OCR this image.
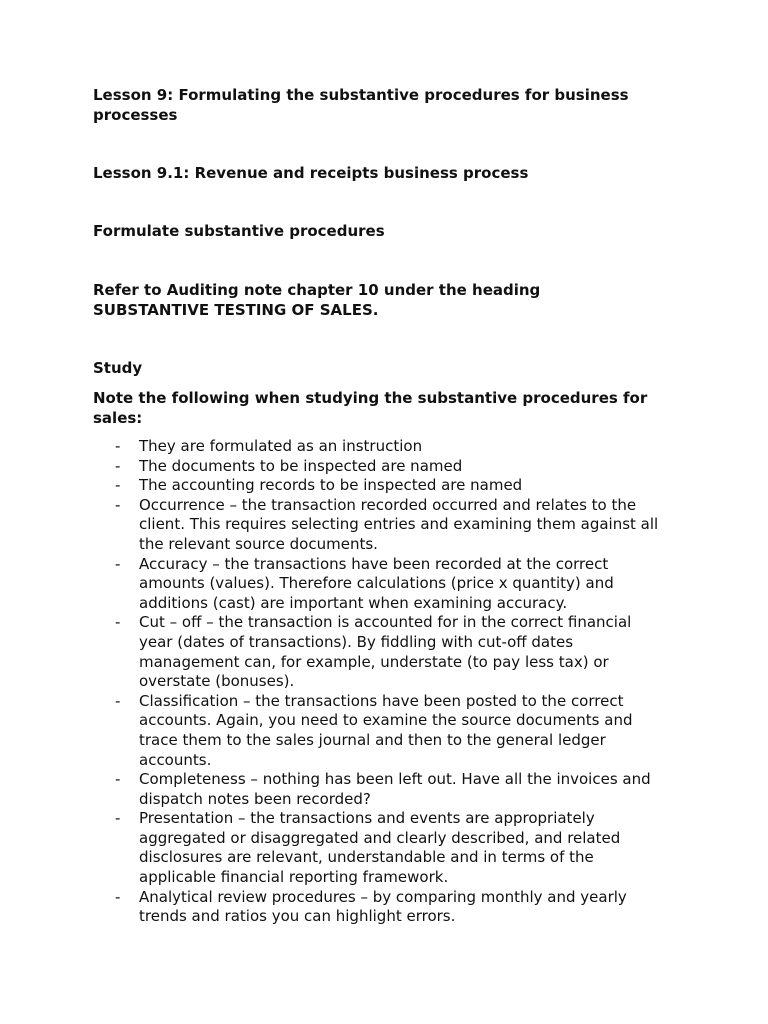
Lesson 9: Formulating the substantive procedures for business processes

Lesson 9.1: Revenue and receipts business process

Formulate substantive procedures

Refer to Auditing note chapter 10 under the heading
SUBSTANTIVE TESTING OF SALES.

Study

Note the following when studying the substantive procedures for sales:

- They are formulated as an instruction
- The documents to be inspected are named
- The accounting records to be inspected are named
- Occurrence – the transaction recorded occurred and relates to the client. This requires selecting entries and examining them against all the relevant source documents.
- Accuracy – the transactions have been recorded at the correct amounts (values). Therefore calculations (price x quantity) and additions (cast) are important when examining accuracy.
- Cut – off – the transaction is accounted for in the correct financial year (dates of transactions). By fiddling with cut-off dates management can, for example, understate (to pay less tax) or overstate (bonuses).
- Classification – the transactions have been posted to the correct accounts. Again, you need to examine the source documents and trace them to the sales journal and then to the general ledger accounts.
- Completeness – nothing has been left out. Have all the invoices and dispatch notes been recorded?
- Presentation – the transactions and events are appropriately aggregated or disaggregated and clearly described, and related disclosures are relevant, understandable and in terms of the applicable financial reporting framework.
- Analytical review procedures – by comparing monthly and yearly trends and ratios you can highlight errors.
